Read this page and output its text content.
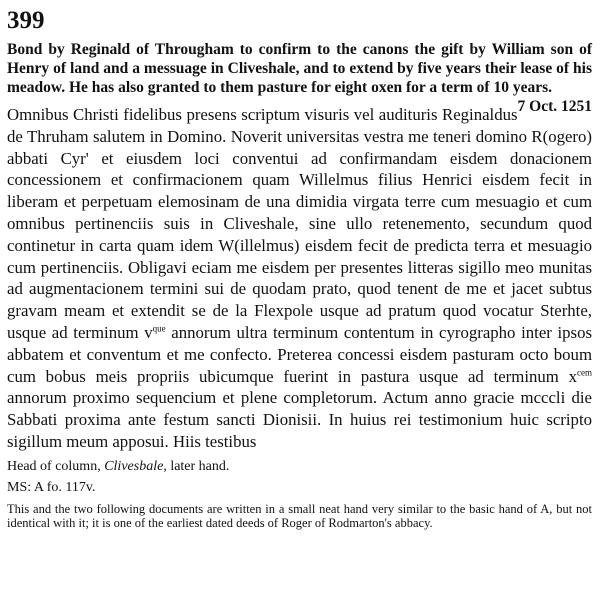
399

Bond by Reginald of Througham to confirm to the canons the gift by William son of Henry of land and a messuage in Cliveshale, and to extend by five years their lease of his meadow. He has also granted to them pasture for eight oxen for a term of 10 years.
7 Oct. 1251

Omnibus Christi fidelibus presens scriptum visuris vel audituris Reginaldus de Thruham salutem in Domino. Noverit universitas vestra me teneri domino R(ogero) abbati Cyr' et eiusdem loci conventui ad confirmandam eisdem donacionem concessionem et confirmacionem quam Willelmus filius Henrici eisdem fecit in liberam et perpetuam elemosinam de una dimidia virgata terre cum mesuagio et cum omnibus pertinenciis suis in Cliveshale, sine ullo retenemento, secundum quod continetur in carta quam idem W(illelmus) eisdem fecit de predicta terra et mesuagio cum pertinenciis. Obligavi eciam me eisdem per presentes litteras sigillo meo munitas ad augmentacionem termini sui de quodam prato, quod tenent de me et jacet subtus gravam meam et extendit se de la Flexpole usque ad pratum quod vocatur Sterhte, usque ad terminum $v^{que}$ annorum ultra terminum contentum in cyrographo inter ipsos abbatem et conventum et me confecto. Preterea concessi eisdem pasturam octo boum cum bobus meis propriis ubicumque fuerint in pastura usque ad terminum $x^{cem}$ annorum proximo sequencium et plene completorum. Actum anno gracie mcccli die Sabbati proxima ante festum sancti Dionisii. In huius rei testimonium huic scripto sigillum meum apposui. Hiis testibus

Head of column, Clivesbale, later hand.

MS: A fo. 117v.

This and the two following documents are written in a small neat hand very similar to the basic hand of A, but not identical with it; it is one of the earliest dated deeds of Roger of Rodmarton's abbacy.
